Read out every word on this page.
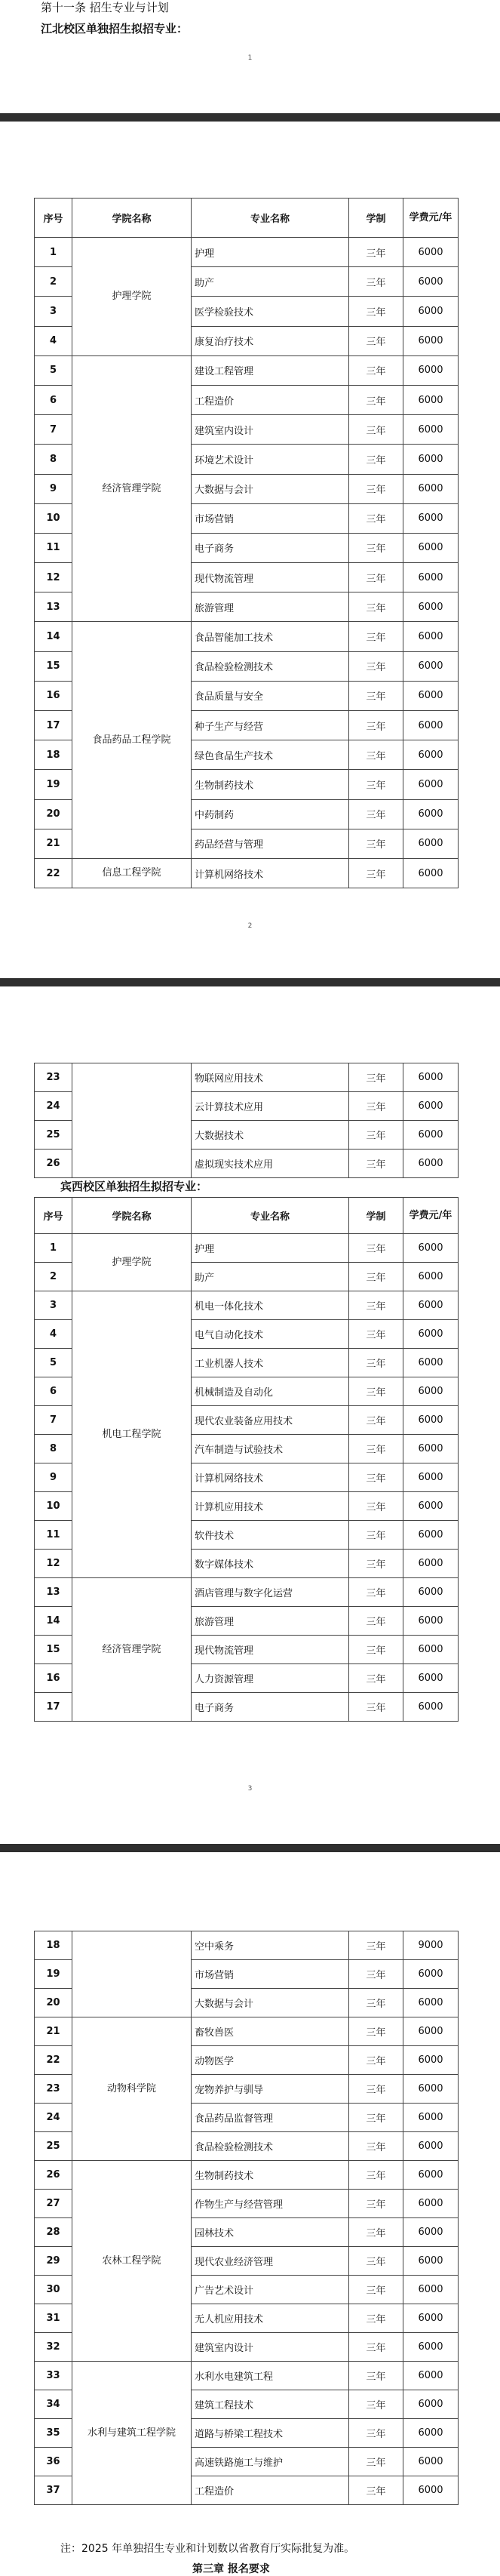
第十一条 招生专业与计划
江北校区单独招生拟招专业：
1
序号	学院名称	专业名称	学制	学费元/年

1	护理学院	护理	三年	6000
2		助产	三年	6000
3		医学检验技术	三年	6000
4		康复治疗技术	三年	6000
5	经济管理学院	建设工程管理	三年	6000
6		工程造价	三年	6000
7		建筑室内设计	三年	6000
8		环境艺术设计	三年	6000
9		大数据与会计	三年	6000
10		市场营销	三年	6000
11		电子商务	三年	6000
12		现代物流管理	三年	6000
13		旅游管理	三年	6000
14	食品药品工程学院	食品智能加工技术	三年	6000
15		食品检验检测技术	三年	6000
16		食品质量与安全	三年	6000
17		种子生产与经营	三年	6000
18		绿色食品生产技术	三年	6000
19		生物制药技术	三年	6000
20		中药制药	三年	6000
21		药品经营与管理	三年	6000
22	信息工程学院	计算机网络技术	三年	6000
2
23		物联网应用技术	三年	6000
24		云计算技术应用	三年	6000
25		大数据技术	三年	6000
26		虚拟现实技术应用	三年	6000
宾西校区单独招生拟招专业：
序号	学院名称	专业名称	学制	学费元/年

1	护理学院	护理	三年	6000
2		助产	三年	6000
3	机电工程学院	机电一体化技术	三年	6000
4		电气自动化技术	三年	6000
5		工业机器人技术	三年	6000
6		机械制造及自动化	三年	6000
7		现代农业装备应用技术	三年	6000
8		汽车制造与试验技术	三年	6000
9		计算机网络技术	三年	6000
10		计算机应用技术	三年	6000
11		软件技术	三年	6000
12		数字媒体技术	三年	6000
13	经济管理学院	酒店管理与数字化运营	三年	6000
14		旅游管理	三年	6000
15		现代物流管理	三年	6000
16		人力资源管理	三年	6000
17		电子商务	三年	6000
3
18		空中乘务	三年	9000
19		市场营销	三年	6000
20		大数据与会计	三年	6000
21	动物科学院	畜牧兽医	三年	6000
22		动物医学	三年	6000
23		宠物养护与驯导	三年	6000
24		食品药品监督管理	三年	6000
25		食品检验检测技术	三年	6000
26	农林工程学院	生物制药技术	三年	6000
27		作物生产与经营管理	三年	6000
28		园林技术	三年	6000
29		现代农业经济管理	三年	6000
30		广告艺术设计	三年	6000
31		无人机应用技术	三年	6000
32		建筑室内设计	三年	6000
33	水利与建筑工程学院	水利水电建筑工程	三年	6000
34		建筑工程技术	三年	6000
35		道路与桥梁工程技术	三年	6000
36		高速铁路施工与维护	三年	6000
37		工程造价	三年	6000
注：2025 年单独招生专业和计划数以省教育厅实际批复为准。
第三章 报名要求
